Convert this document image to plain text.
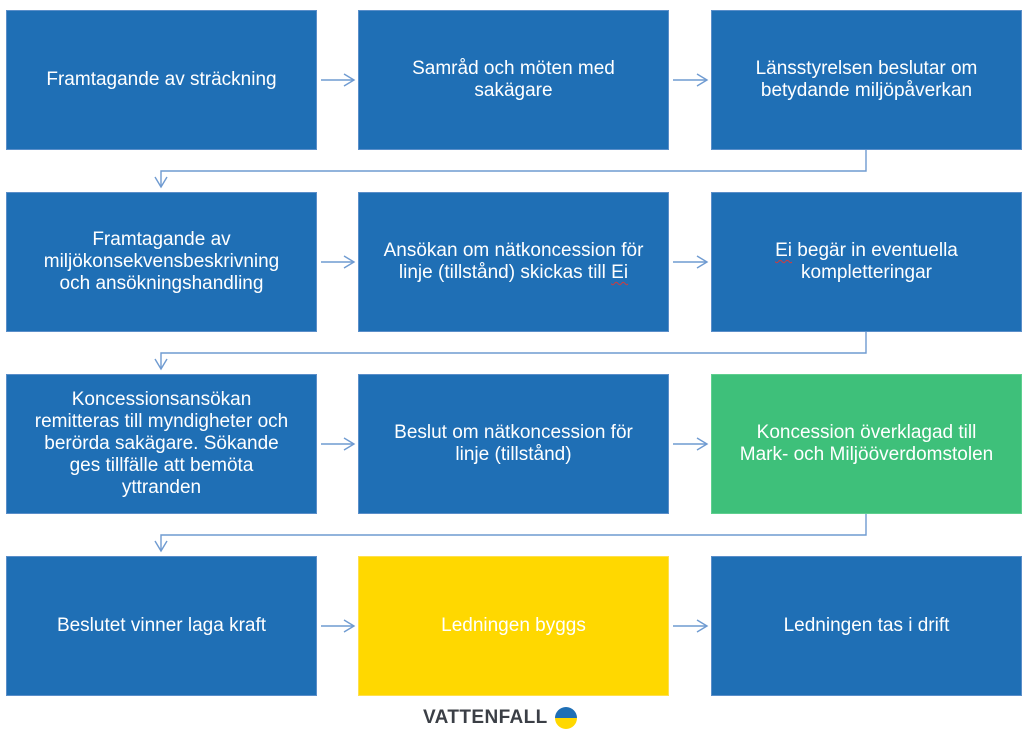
Framtagande av sträckning
Samråd och möten med
sakägare
Länsstyrelsen beslutar om
betydande miljöpåverkan
Framtagande av
miljökonsekvensbeskrivning
och ansökningshandling
Ansökan om nätkoncession för
linje (tillstånd) skickas till Ei
Ei begär in eventuella
kompletteringar
Koncessionsansökan
remitteras till myndigheter och
berörda sakägare. Sökande
ges tillfälle att bemöta
yttranden
Beslut om nätkoncession för
linje (tillstånd)
Koncession överklagad till
Mark- och Miljööverdomstolen
Beslutet vinner laga kraft	Ledningen byggs	Ledningen tas i drift
VATTENFALL
